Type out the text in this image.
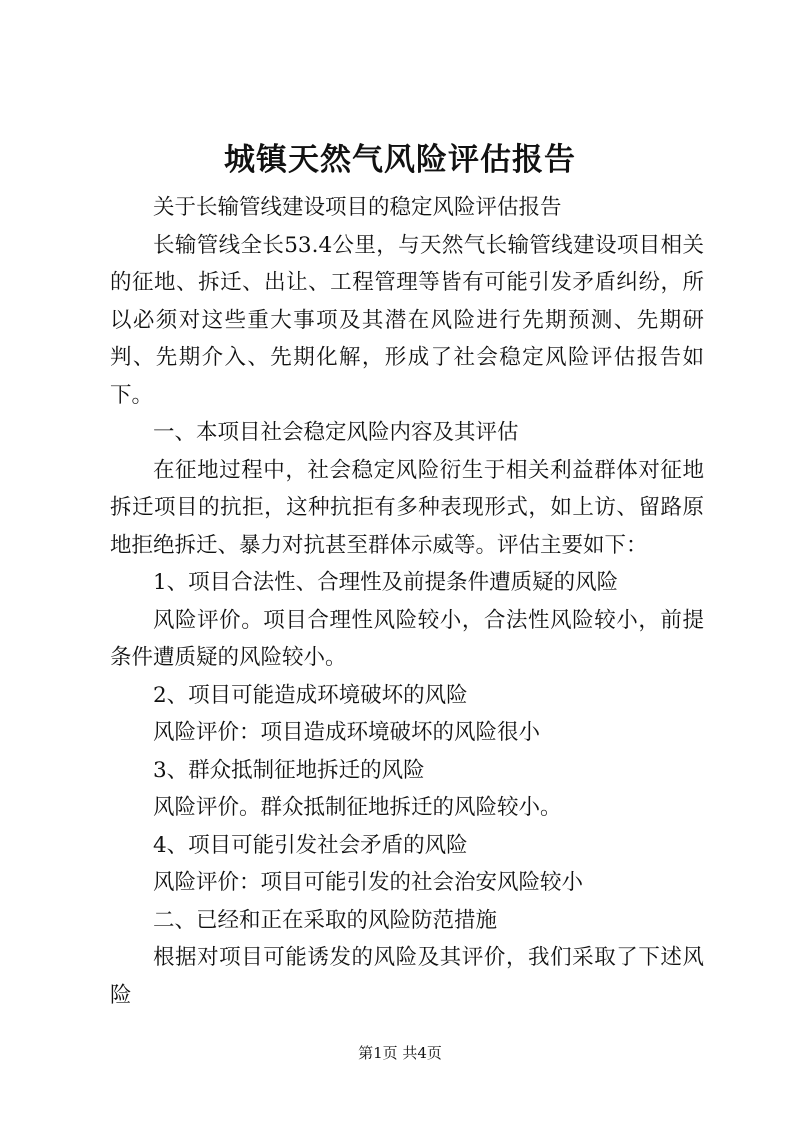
城镇天然气风险评估报告

关于长输管线建设项目的稳定风险评估报告

长输管线全长53.4公里，与天然气长输管线建设项目相关的征地、拆迁、出让、工程管理等皆有可能引发矛盾纠纷，所以必须对这些重大事项及其潜在风险进行先期预测、先期研判、先期介入、先期化解，形成了社会稳定风险评估报告如下。

一、本项目社会稳定风险内容及其评估

在征地过程中，社会稳定风险衍生于相关利益群体对征地拆迁项目的抗拒，这种抗拒有多种表现形式，如上访、留路原地拒绝拆迁、暴力对抗甚至群体示威等。评估主要如下：

1、项目合法性、合理性及前提条件遭质疑的风险

风险评价。项目合理性风险较小，合法性风险较小，前提条件遭质疑的风险较小。

2、项目可能造成环境破坏的风险

风险评价：项目造成环境破坏的风险很小

3、群众抵制征地拆迁的风险

风险评价。群众抵制征地拆迁的风险较小。

4、项目可能引发社会矛盾的风险

风险评价：项目可能引发的社会治安风险较小

二、已经和正在采取的风险防范措施

根据对项目可能诱发的风险及其评价，我们采取了下述风险

第1页 共4页
